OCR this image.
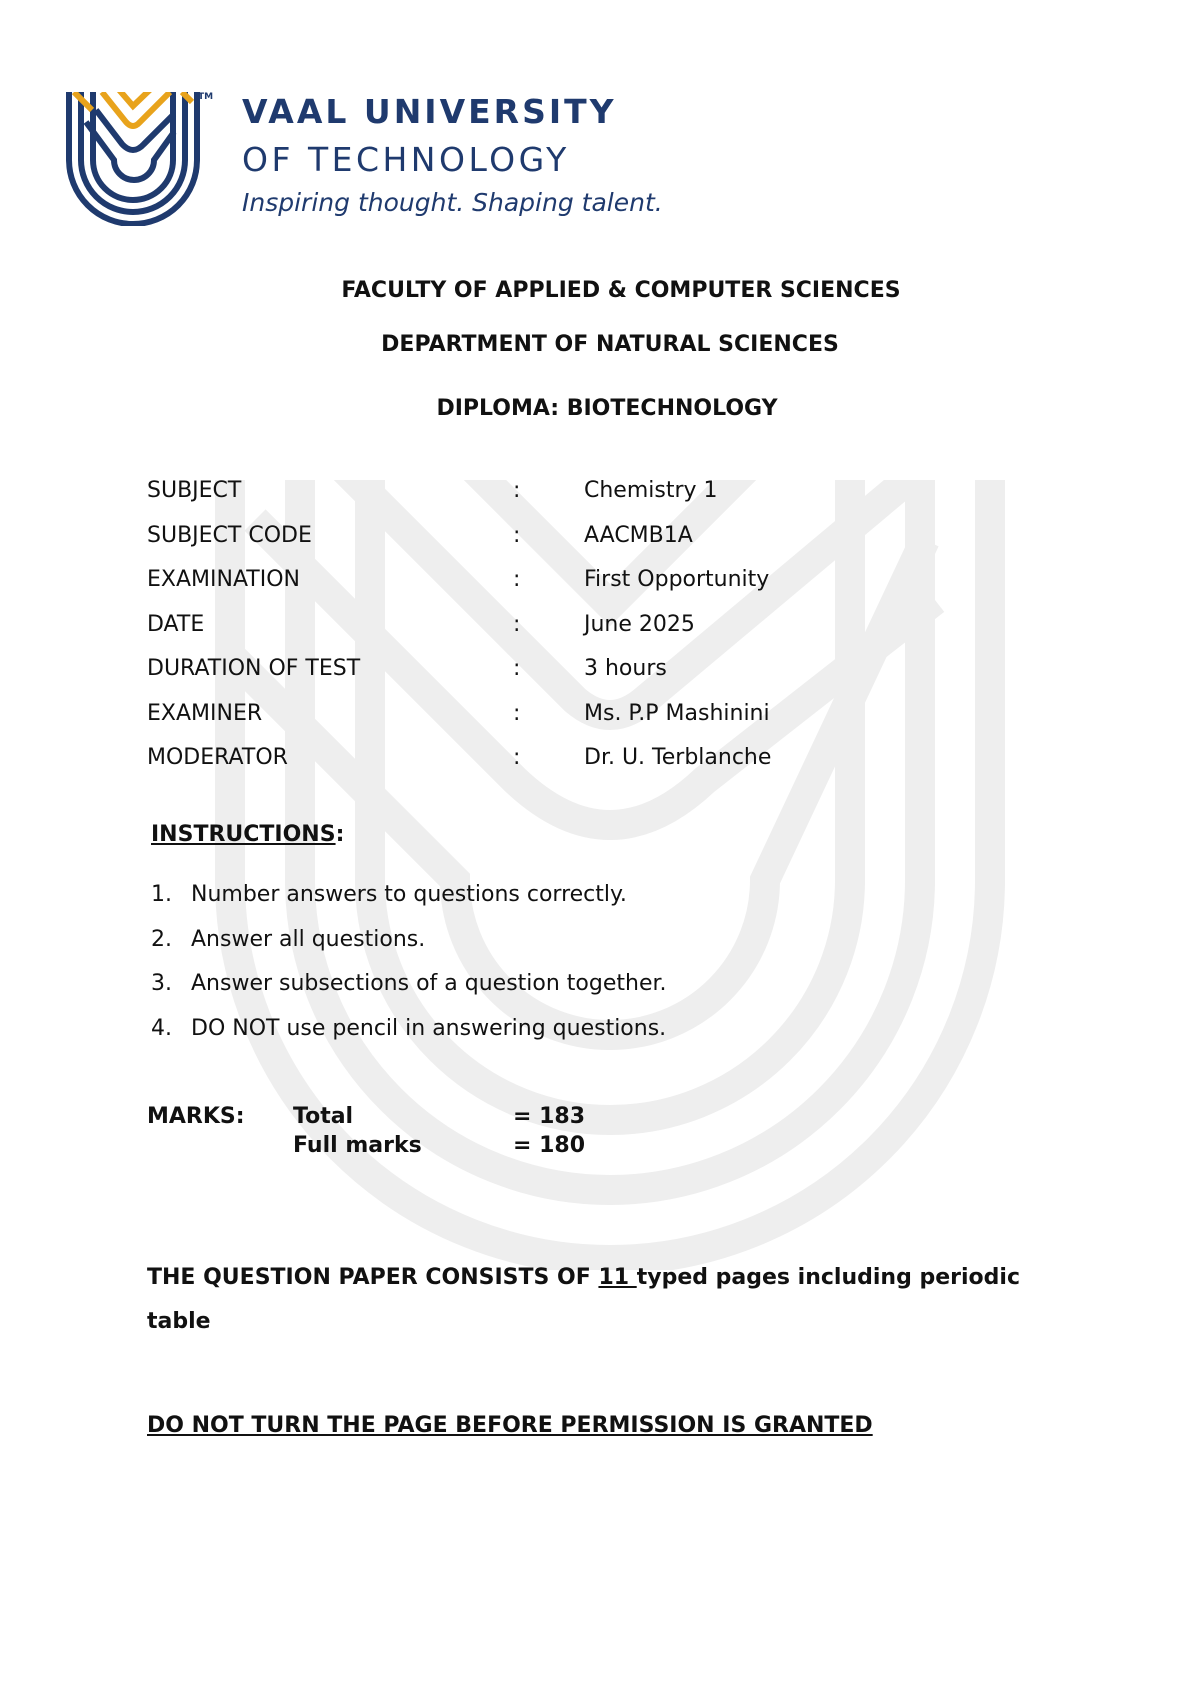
TM VAAL UNIVERSITY
OF TECHNOLOGY
Inspiring thought. Shaping talent.
FACULTY OF APPLIED & COMPUTER SCIENCES
DEPARTMENT OF NATURAL SCIENCES
DIPLOMA: BIOTECHNOLOGY
SUBJECT	:	Chemistry 1
SUBJECT CODE	:	AACMB1A
EXAMINATION	:	First Opportunity
DATE	:	June 2025
DURATION OF TEST	:	3 hours
EXAMINER	:	Ms. P.P Mashinini
MODERATOR	:	Dr. U. Terblanche
INSTRUCTIONS:
1. Number answers to questions correctly.
2. Answer all questions.
3. Answer subsections of a question together.
4. DO NOT use pencil in answering questions.
MARKS: Total	= 183
Full marks	= 180
THE QUESTION PAPER CONSISTS OF 11 typed pages including periodic table
DO NOT TURN THE PAGE BEFORE PERMISSION IS GRANTED
